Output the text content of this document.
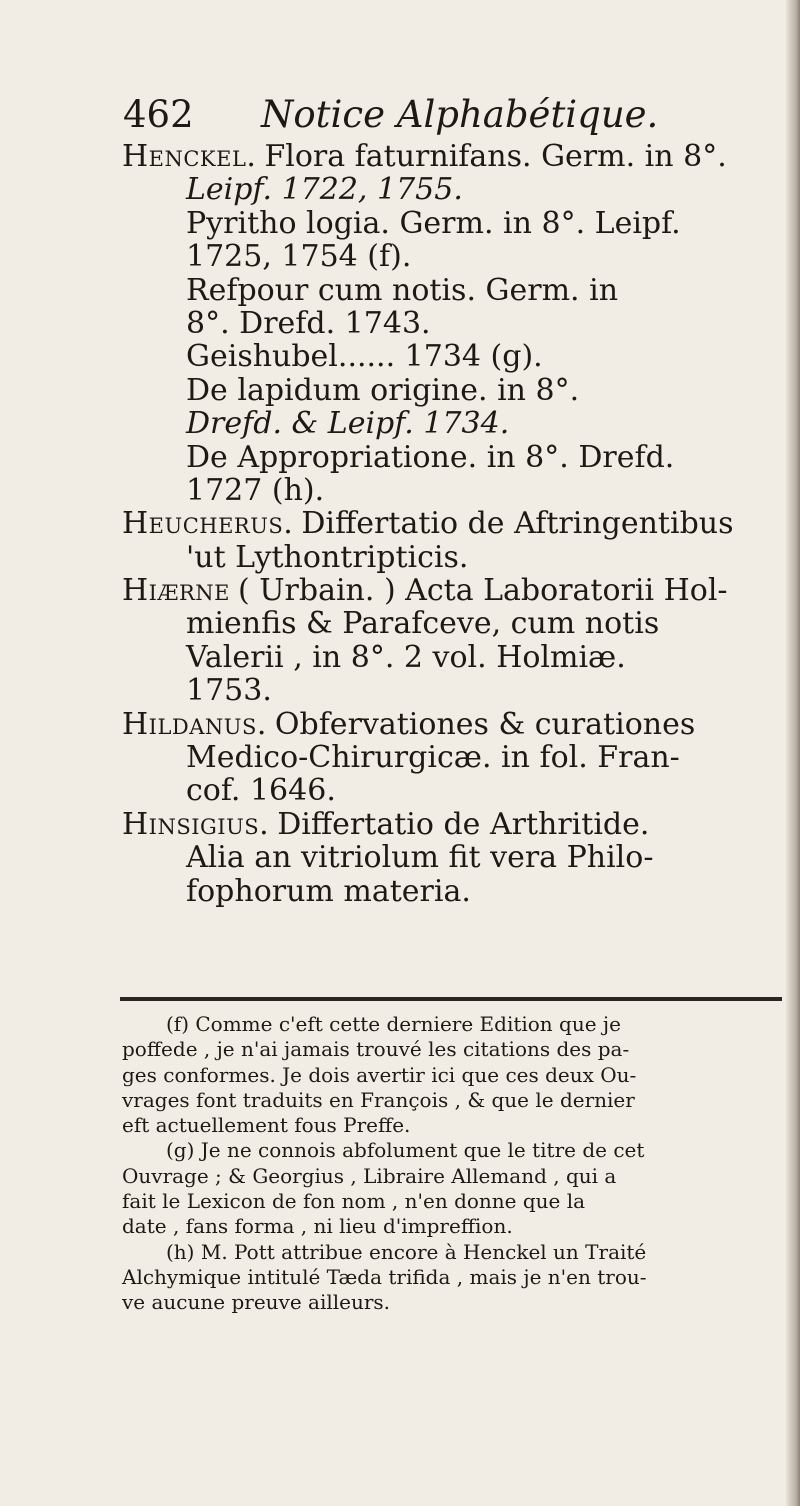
462 Notice Alphabétique.
Henckel. Flora faturnifans. Germ. in 8°.
Leipf. 1722, 1755.
Pyritho logia. Germ. in 8°. Leipf.
1725, 1754 (f).
Refpour cum notis. Germ. in
8°. Drefd. 1743.
Geishubel...... 1734 (g).
De lapidum origine. in 8°.
Drefd. & Leipf. 1734.
De Appropriatione. in 8°. Drefd.
1727 (h).
Heucherus. Differtatio de Aftringentibus
'ut Lythontripticis.
Hiærne ( Urbain. ) Acta Laboratorii Hol-
mienfis & Parafceve, cum notis
Valerii , in 8°. 2 vol. Holmiæ.
1753.
Hildanus. Obfervationes & curationes
Medico-Chirurgicæ. in fol. Fran-
cof. 1646.
Hinsigius. Differtatio de Arthritide.
Alia an vitriolum fit vera Philo-
fophorum materia.
(f) Comme c'eft cette derniere Edition que je
poffede , je n'ai jamais trouvé les citations des pa-
ges conformes. Je dois avertir ici que ces deux Ou-
vrages font traduits en François , & que le dernier
eft actuellement fous Preffe.
(g) Je ne connois abfolument que le titre de cet
Ouvrage ; & Georgius , Libraire Allemand , qui a
fait le Lexicon de fon nom , n'en donne que la
date , fans forma , ni lieu d'impreffion.
(h) M. Pott attribue encore à Henckel un Traité
Alchymique intitulé Tæda trifida , mais je n'en trou-
ve aucune preuve ailleurs.
